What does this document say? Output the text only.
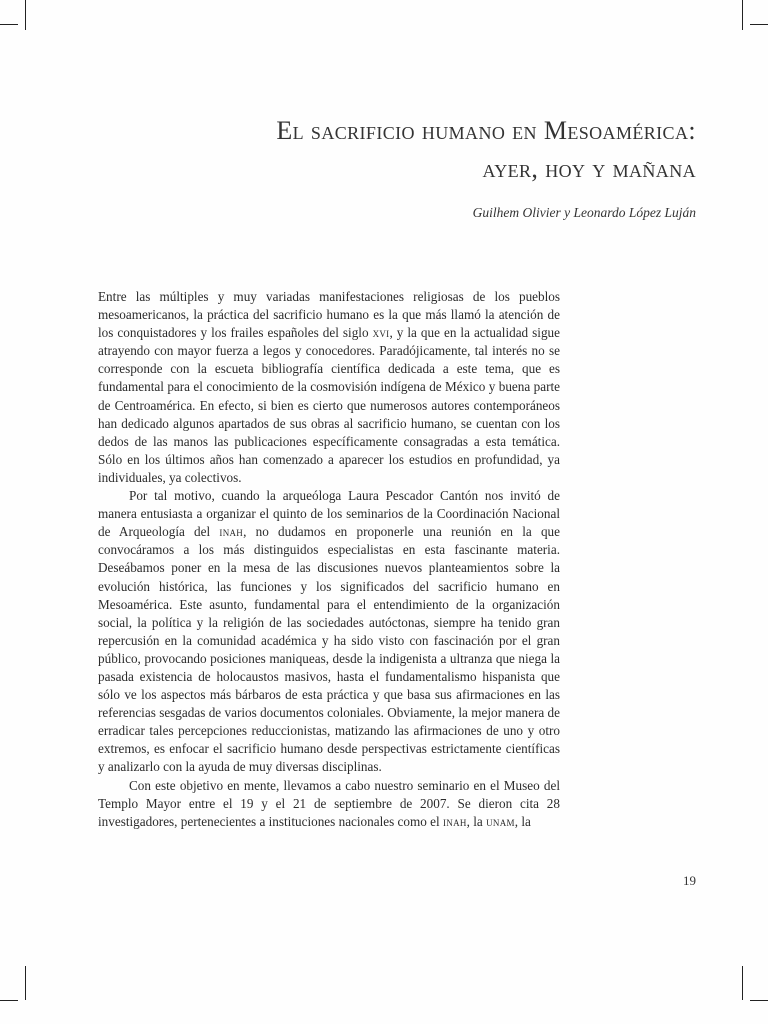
El sacrificio humano en Mesoamérica:
ayer, hoy y mañana
Guilhem Olivier y Leonardo López Luján

Entre las múltiples y muy variadas manifestaciones religiosas de los pueblos mesoamericanos, la práctica del sacrificio humano es la que más llamó la atención de los conquistadores y los frailes españoles del siglo xvi, y la que en la actualidad sigue atrayendo con mayor fuerza a legos y conocedores. Paradójicamente, tal interés no se corresponde con la escueta bibliografía científica dedicada a este tema, que es fundamental para el conocimiento de la cosmovisión indígena de México y buena parte de Centroamérica. En efecto, si bien es cierto que numerosos autores contemporáneos han dedicado algunos apartados de sus obras al sacrificio humano, se cuentan con los dedos de las manos las publicaciones específicamente consagradas a esta temática. Sólo en los últimos años han comenzado a aparecer los estudios en profundidad, ya individuales, ya colectivos.

Por tal motivo, cuando la arqueóloga Laura Pescador Cantón nos invitó de manera entusiasta a organizar el quinto de los seminarios de la Coordinación Nacional de Arqueología del inah, no dudamos en proponerle una reunión en la que convocáramos a los más distinguidos especialistas en esta fascinante materia. Deseábamos poner en la mesa de las discusiones nuevos planteamientos sobre la evolución histórica, las funciones y los significados del sacrificio humano en Mesoamérica. Este asunto, fundamental para el entendimiento de la organización social, la política y la religión de las sociedades autóctonas, siempre ha tenido gran repercusión en la comunidad académica y ha sido visto con fascinación por el gran público, provocando posiciones maniqueas, desde la indigenista a ultranza que niega la pasada existencia de holocaustos masivos, hasta el fundamentalismo hispanista que sólo ve los aspectos más bárbaros de esta práctica y que basa sus afirmaciones en las referencias sesgadas de varios documentos coloniales. Obviamente, la mejor manera de erradicar tales percepciones reduccionistas, matizando las afirmaciones de uno y otro extremos, es enfocar el sacrificio humano desde perspectivas estrictamente científicas y analizarlo con la ayuda de muy diversas disciplinas.

Con este objetivo en mente, llevamos a cabo nuestro seminario en el Museo del Templo Mayor entre el 19 y el 21 de septiembre de 2007. Se dieron cita 28 investigadores, pertenecientes a instituciones nacionales como el inah, la unam, la

19
